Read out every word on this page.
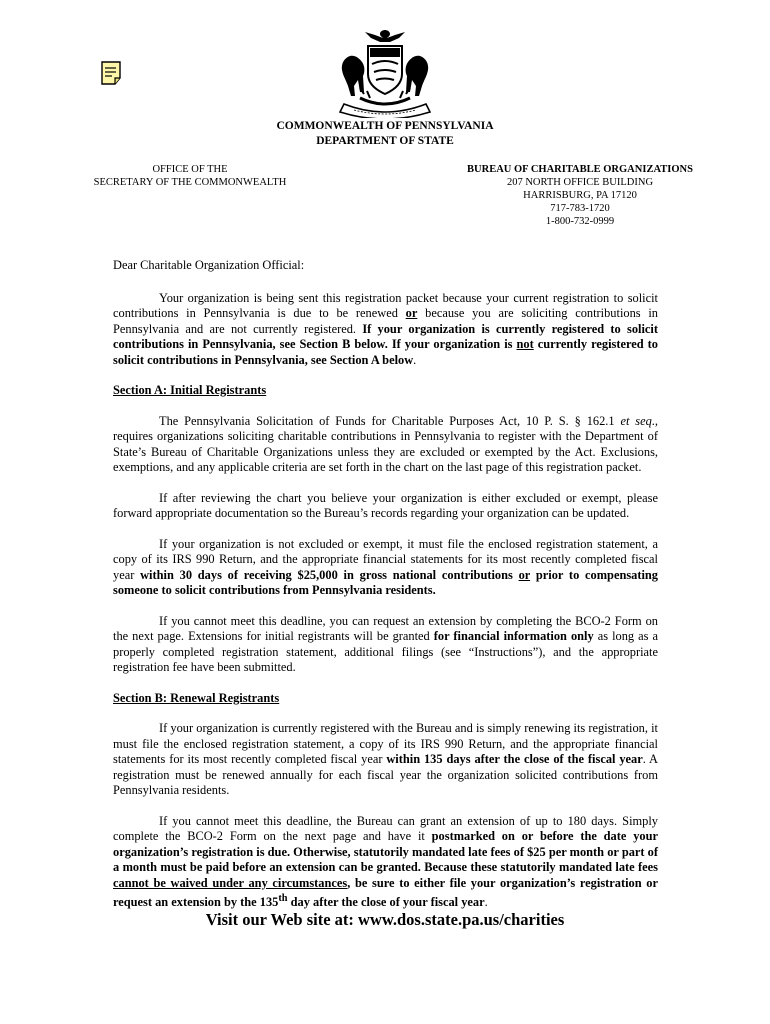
COMMONWEALTH OF PENNSYLVANIA
DEPARTMENT OF STATE
OFFICE OF THE
SECRETARY OF THE COMMONWEALTH
BUREAU OF CHARITABLE ORGANIZATIONS
207 NORTH OFFICE BUILDING
HARRISBURG, PA 17120
717-783-1720
1-800-732-0999

Dear Charitable Organization Official:

Your organization is being sent this registration packet because your current registration to solicit contributions in Pennsylvania is due to be renewed or because you are soliciting contributions in Pennsylvania and are not currently registered. If your organization is currently registered to solicit contributions in Pennsylvania, see Section B below. If your organization is not currently registered to solicit contributions in Pennsylvania, see Section A below.

Section A: Initial Registrants

The Pennsylvania Solicitation of Funds for Charitable Purposes Act, 10 P. S. § 162.1 et seq., requires organizations soliciting charitable contributions in Pennsylvania to register with the Department of State’s Bureau of Charitable Organizations unless they are excluded or exempted by the Act. Exclusions, exemptions, and any applicable criteria are set forth in the chart on the last page of this registration packet.

If after reviewing the chart you believe your organization is either excluded or exempt, please forward appropriate documentation so the Bureau’s records regarding your organization can be updated.

If your organization is not excluded or exempt, it must file the enclosed registration statement, a copy of its IRS 990 Return, and the appropriate financial statements for its most recently completed fiscal year within 30 days of receiving $25,000 in gross national contributions or prior to compensating someone to solicit contributions from Pennsylvania residents.

If you cannot meet this deadline, you can request an extension by completing the BCO-2 Form on the next page. Extensions for initial registrants will be granted for financial information only as long as a properly completed registration statement, additional filings (see “Instructions”), and the appropriate registration fee have been submitted.

Section B: Renewal Registrants

If your organization is currently registered with the Bureau and is simply renewing its registration, it must file the enclosed registration statement, a copy of its IRS 990 Return, and the appropriate financial statements for its most recently completed fiscal year within 135 days after the close of the fiscal year. A registration must be renewed annually for each fiscal year the organization solicited contributions from Pennsylvania residents.

If you cannot meet this deadline, the Bureau can grant an extension of up to 180 days. Simply complete the BCO-2 Form on the next page and have it postmarked on or before the date your organization’s registration is due. Otherwise, statutorily mandated late fees of $25 per month or part of a month must be paid before an extension can be granted. Because these statutorily mandated late fees cannot be waived under any circumstances, be sure to either file your organization’s registration or request an extension by the 135th day after the close of your fiscal year.

Visit our Web site at: www.dos.state.pa.us/charities
